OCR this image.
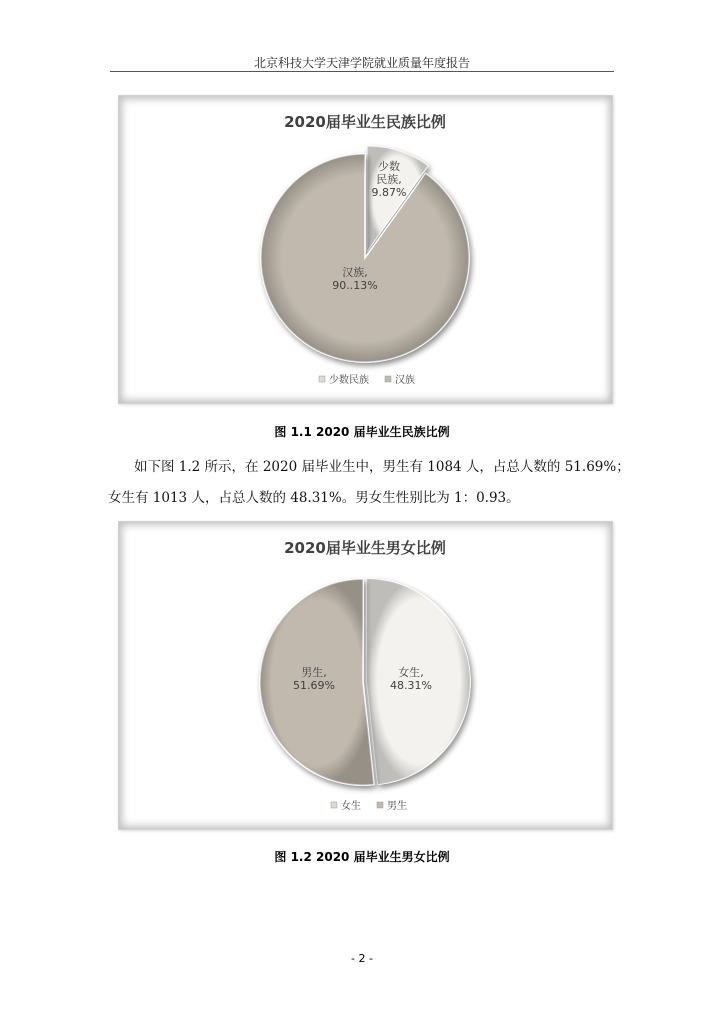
北京科技大学天津学院就业质量年度报告
2020届毕业生民族比例
少数民族, 9.87%
汉族, 90..13%
少数民族	汉族
图 1.1 2020 届毕业生民族比例
如下图 1.2 所示，在 2020 届毕业生中，男生有 1084 人，占总人数的 51.69%；
女生有 1013 人，占总人数的 48.31%。男女生性别比为 1：0.93。
2020届毕业生男女比例
女生, 48.31%
男生, 51.69%
女生	男生
图 1.2 2020 届毕业生男女比例
- 2 -
